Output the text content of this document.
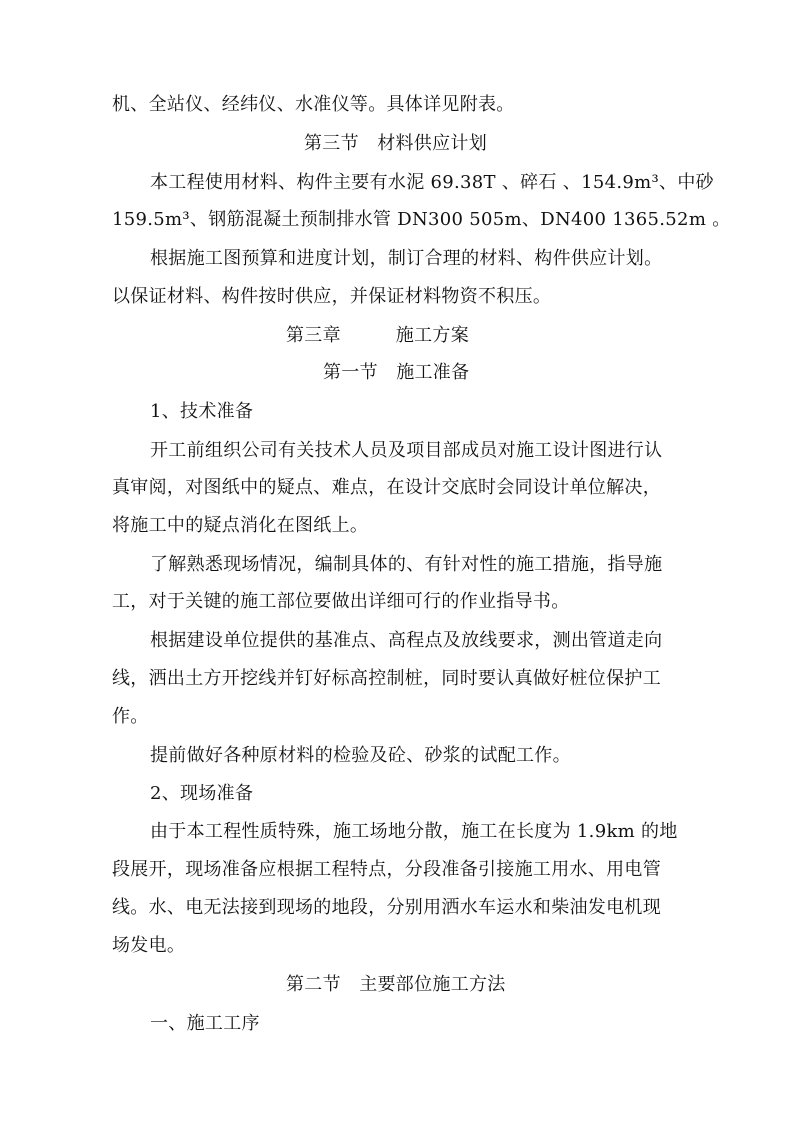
机、全站仪、经纬仪、水准仪等。具体详见附表。
第三节　材料供应计划
本工程使用材料、构件主要有水泥 69.38T 、碎石 、154.9m³、中砂
159.5m³、钢筋混凝土预制排水管 DN300 505m、DN400 1365.52m 。
根据施工图预算和进度计划，制订合理的材料、构件供应计划。
以保证材料、构件按时供应，并保证材料物资不积压。
第三章　　　施工方案
第一节　施工准备
1、技术准备
开工前组织公司有关技术人员及项目部成员对施工设计图进行认
真审阅，对图纸中的疑点、难点，在设计交底时会同设计单位解决，
将施工中的疑点消化在图纸上。
了解熟悉现场情况，编制具体的、有针对性的施工措施，指导施
工，对于关键的施工部位要做出详细可行的作业指导书。
根据建设单位提供的基准点、高程点及放线要求，测出管道走向
线，洒出土方开挖线并钉好标高控制桩，同时要认真做好桩位保护工
作。
提前做好各种原材料的检验及砼、砂浆的试配工作。
2、现场准备
由于本工程性质特殊，施工场地分散，施工在长度为 1.9km 的地
段展开，现场准备应根据工程特点，分段准备引接施工用水、用电管
线。水、电无法接到现场的地段，分别用洒水车运水和柴油发电机现
场发电。
第二节　主要部位施工方法
一、施工工序
